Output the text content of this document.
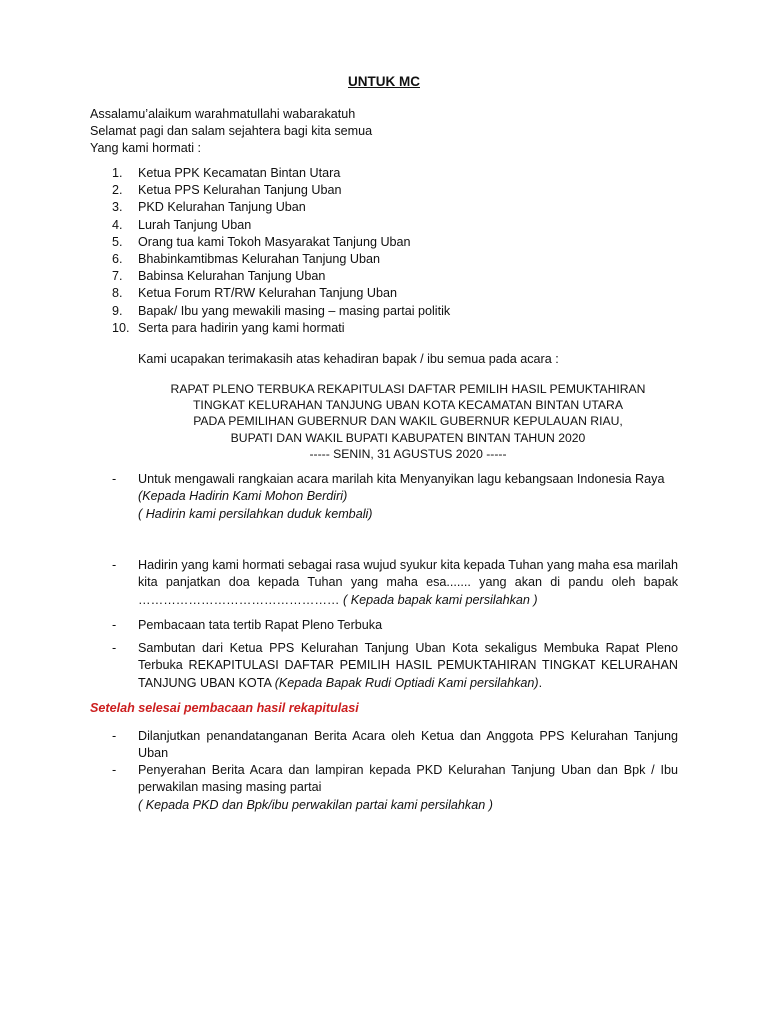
UNTUK MC
Assalamu’alaikum warahmatullahi wabarakatuh
Selamat pagi dan salam sejahtera bagi kita semua
Yang kami hormati :
1.	Ketua PPK Kecamatan Bintan Utara
2.	Ketua PPS Kelurahan Tanjung Uban
3.	PKD Kelurahan Tanjung Uban
4.	Lurah Tanjung Uban
5.	Orang tua kami Tokoh Masyarakat Tanjung Uban
6.	Bhabinkamtibmas Kelurahan Tanjung Uban
7.	Babinsa Kelurahan Tanjung Uban
8.	Ketua Forum RT/RW Kelurahan Tanjung Uban
9.	Bapak/ Ibu yang mewakili masing – masing partai politik
10. Serta para hadirin yang kami hormati
Kami ucapakan terimakasih atas kehadiran bapak / ibu semua pada acara :
RAPAT PLENO TERBUKA REKAPITULASI DAFTAR PEMILIH HASIL PEMUKTAHIRAN
TINGKAT KELURAHAN TANJUNG UBAN KOTA KECAMATAN BINTAN UTARA
PADA PEMILIHAN GUBERNUR DAN WAKIL GUBERNUR KEPULAUAN RIAU,
BUPATI DAN WAKIL BUPATI KABUPATEN BINTAN TAHUN 2020
----- SENIN, 31 AGUSTUS 2020 -----
-	Untuk mengawali rangkaian acara marilah kita Menyanyikan lagu kebangsaan Indonesia Raya
(Kepada Hadirin Kami Mohon Berdiri)
( Hadirin kami persilahkan duduk kembali)
-	Hadirin yang kami hormati sebagai rasa wujud syukur kita kepada Tuhan yang maha esa marilah kita panjatkan doa kepada Tuhan yang maha esa....... yang akan di pandu oleh bapak ………………………………………… ( Kepada bapak kami persilahkan )
-	Pembacaan tata tertib Rapat Pleno Terbuka
-	Sambutan dari Ketua PPS Kelurahan Tanjung Uban Kota sekaligus Membuka Rapat Pleno Terbuka REKAPITULASI DAFTAR PEMILIH HASIL PEMUKTAHIRAN TINGKAT KELURAHAN TANJUNG UBAN KOTA (Kepada Bapak Rudi Optiadi Kami persilahkan).
Setelah selesai pembacaan hasil rekapitulasi
-	Dilanjutkan penandatanganan Berita Acara oleh Ketua dan Anggota PPS Kelurahan Tanjung Uban
-	Penyerahan Berita Acara dan lampiran kepada PKD Kelurahan Tanjung Uban dan Bpk / Ibu perwakilan masing masing partai
( Kepada PKD dan Bpk/ibu perwakilan partai kami persilahkan )
